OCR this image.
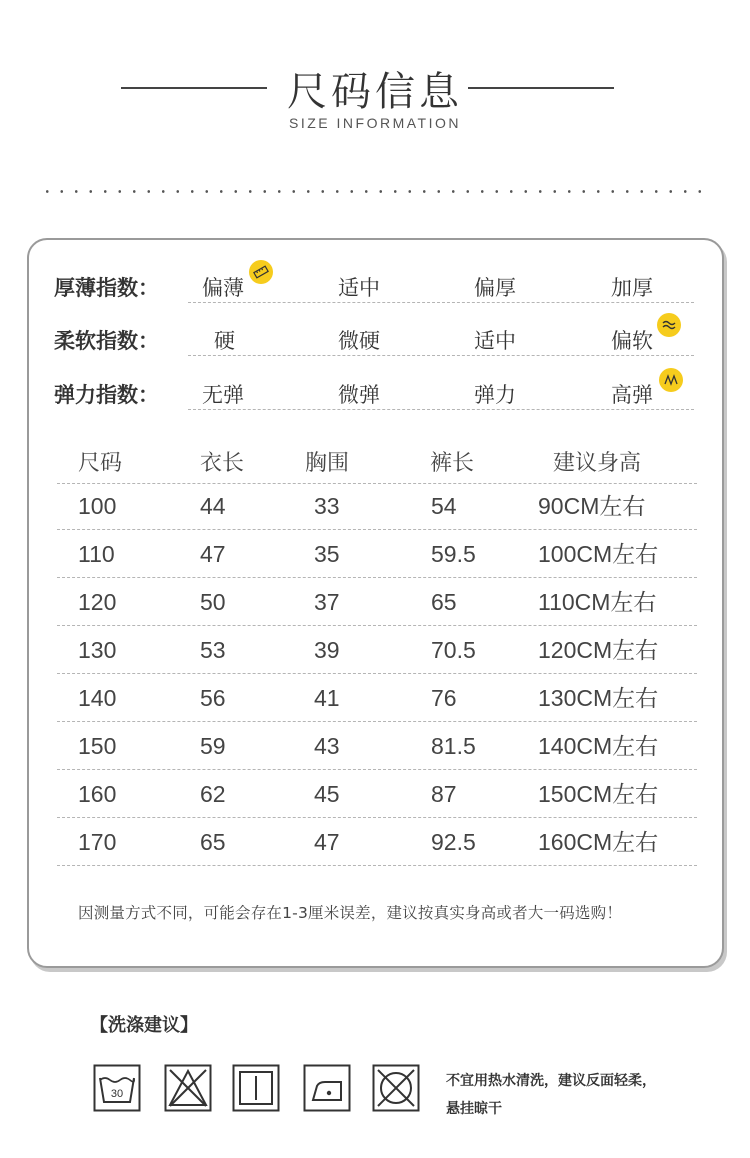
尺码信息
SIZE INFORMATION
厚薄指数： 偏薄	适中	偏厚	加厚
柔软指数：	硬	微硬	适中	偏软
弹力指数： 无弹	微弹	弹力	高弹
尺码	衣长	胸围	裤长	建议身高
100	44	33	54	90CM左右
110	47	35	59.5	100CM左右
120	50	37	65	110CM左右
130	53	39	70.5	120CM左右
140	56	41	76	130CM左右
150	59	43	81.5	140CM左右
160	62	45	87	150CM左右
170	65	47	92.5	160CM左右
因测量方式不同，可能会存在1-3厘米误差，建议按真实身高或者大一码选购！
【洗涤建议】
30
不宜用热水清洗，建议反面轻柔，
悬挂晾干
